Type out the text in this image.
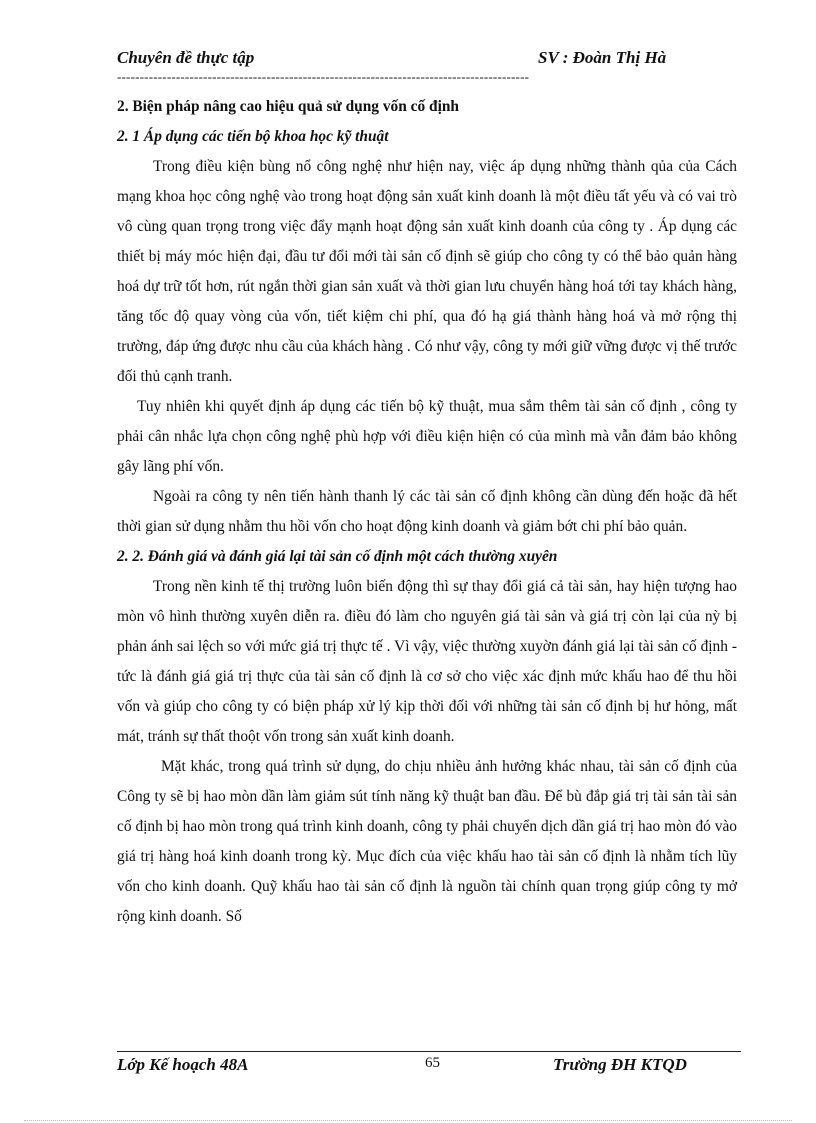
Chuyên đề thực tập	SV : Đoàn Thị Hà
-------------------------------------------------------------------------------------------

2. Biện pháp nâng cao hiệu quả sử dụng vốn cố định

2. 1 Áp dụng các tiến bộ khoa học kỹ thuật

Trong điều kiện bùng nổ công nghệ như hiện nay, việc áp dụng những thành qủa của Cách mạng khoa học công nghệ vào trong hoạt động sản xuất kinh doanh là một điều tất yếu và có vai trò vô cùng quan trọng trong việc đẩy mạnh hoạt động sản xuất kinh doanh của công ty . Áp dụng các thiết bị máy móc hiện đại, đầu tư đổi mới tài sản cố định sẽ giúp cho công ty có thể bảo quản hàng hoá dự trữ tốt hơn, rút ngắn thời gian sản xuất và thời gian lưu chuyển hàng hoá tới tay khách hàng, tăng tốc độ quay vòng của vốn, tiết kiệm chi phí, qua đó hạ giá thành hàng hoá và mở rộng thị trường, đáp ứng được nhu cầu của khách hàng . Có như vậy, công ty mới giữ vững được vị thế trước đối thủ cạnh tranh.

Tuy nhiên khi quyết định áp dụng các tiến bộ kỹ thuật, mua sắm thêm tài sản cố định , công ty phải cân nhắc lựa chọn công nghệ phù hợp với điều kiện hiện có của mình mà vẫn đảm bảo không gây lãng phí vốn.

Ngoài ra công ty nên tiến hành thanh lý các tài sản cố định không cần dùng đến hoặc đã hết thời gian sử dụng nhằm thu hồi vốn cho hoạt động kinh doanh và giảm bớt chi phí bảo quản.

2. 2. Đánh giá và đánh giá lại tài sản cố định một cách thường xuyên

Trong nền kinh tế thị trường luôn biến động thì sự thay đổi giá cả tài sản, hay hiện tượng hao mòn vô hình thường xuyên diễn ra. điều đó làm cho nguyên giá tài sản và giá trị còn lại của nỳ bị phản ánh sai lệch so với mức giá trị thực tế . Vì vậy, việc thường xuyờn đánh giá lại tài sản cố định - tức là đánh giá giá trị thực của tài sản cố định là cơ sở cho việc xác định mức khấu hao để thu hồi vốn và giúp cho công ty có biện pháp xử lý kịp thời đối với những tài sản cố định bị hư hỏng, mất mát, tránh sự thất thoột vốn trong sản xuất kinh doanh.

Mặt khác, trong quá trình sử dụng, do chịu nhiều ảnh hưởng khác nhau, tài sản cố định của Công ty sẽ bị hao mòn dần làm giảm sút tính năng kỹ thuật ban đầu. Để bù đắp giá trị tài sản tài sản cố định bị hao mòn trong quá trình kinh doanh, công ty phải chuyển dịch dần giá trị hao mòn đó vào giá trị hàng hoá kinh doanh trong kỳ. Mục đích của việc khấu hao tài sản cố định là nhằm tích lũy vốn cho kinh doanh. Quỹ khấu hao tài sản cố định là nguồn tài chính quan trọng giúp công ty mở rộng kinh doanh. Số

Lớp Kế hoạch 48A	65	Trường ĐH KTQD
